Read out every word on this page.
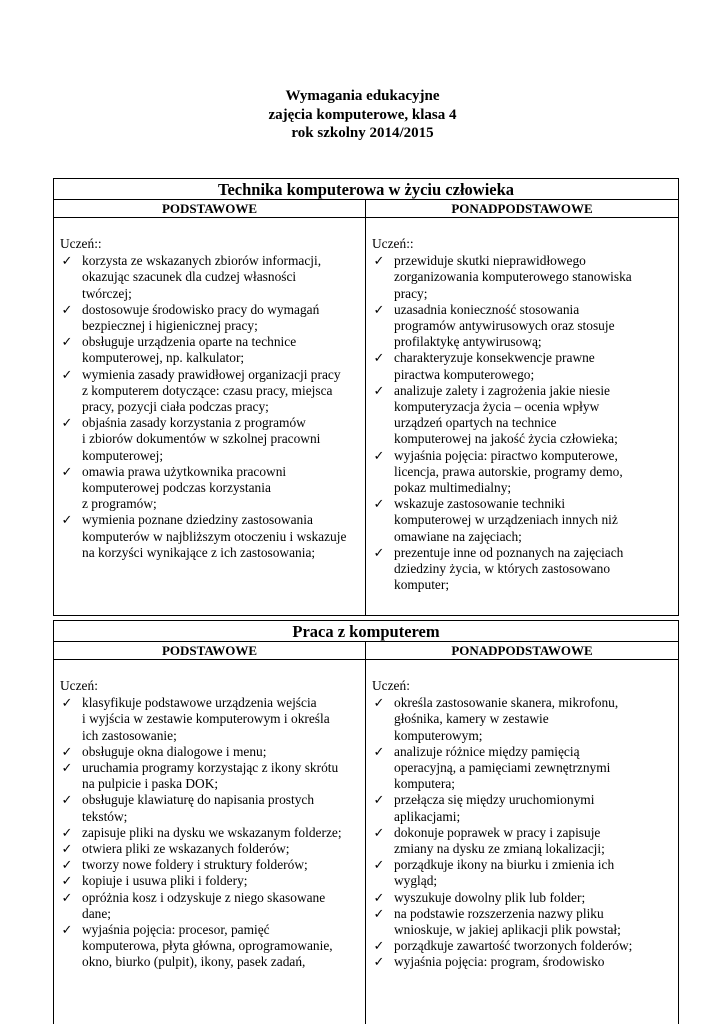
Wymagania edukacyjne
zajęcia komputerowe, klasa 4
rok szkolny 2014/2015
Technika komputerowa w życiu człowieka
PODSTAWOWE	PONADPODSTAWOWE
Uczeń::
✓ korzysta ze wskazanych zbiorów informacji,
okazując szacunek dla cudzej własności
twórczej;
✓ dostosowuje środowisko pracy do wymagań
bezpiecznej i higienicznej pracy;
✓ obsługuje urządzenia oparte na technice
komputerowej, np. kalkulator;
✓ wymienia zasady prawidłowej organizacji pracy
z komputerem dotyczące: czasu pracy, miejsca
pracy, pozycji ciała podczas pracy;
✓ objaśnia zasady korzystania z programów
i zbiorów dokumentów w szkolnej pracowni
komputerowej;
✓ omawia prawa użytkownika pracowni
komputerowej podczas korzystania
z programów;
✓ wymienia poznane dziedziny zastosowania
komputerów w najbliższym otoczeniu i wskazuje
na korzyści wynikające z ich zastosowania;
Uczeń::
✓ przewiduje skutki nieprawidłowego
zorganizowania komputerowego stanowiska
pracy;
✓ uzasadnia konieczność stosowania
programów antywirusowych oraz stosuje
profilaktykę antywirusową;
✓ charakteryzuje konsekwencje prawne
piractwa komputerowego;
✓ analizuje zalety i zagrożenia jakie niesie
komputeryzacja życia – ocenia wpływ
urządzeń opartych na technice
komputerowej na jakość życia człowieka;
✓ wyjaśnia pojęcia: piractwo komputerowe,
licencja, prawa autorskie, programy demo,
pokaz multimedialny;
✓ wskazuje zastosowanie techniki
komputerowej w urządzeniach innych niż
omawiane na zajęciach;
✓ prezentuje inne od poznanych na zajęciach
dziedziny życia, w których zastosowano
komputer;
Praca z komputerem
PODSTAWOWE	PONADPODSTAWOWE
Uczeń:
✓ klasyfikuje podstawowe urządzenia wejścia
i wyjścia w zestawie komputerowym i określa
ich zastosowanie;
✓ obsługuje okna dialogowe i menu;
✓ uruchamia programy korzystając z ikony skrótu
na pulpicie i paska DOK;
✓ obsługuje klawiaturę do napisania prostych
tekstów;
✓ zapisuje pliki na dysku we wskazanym folderze;
✓ otwiera pliki ze wskazanych folderów;
✓ tworzy nowe foldery i struktury folderów;
✓ kopiuje i usuwa pliki i foldery;
✓ opróżnia kosz i odzyskuje z niego skasowane
dane;
✓ wyjaśnia pojęcia: procesor, pamięć
komputerowa, płyta główna, oprogramowanie,
okno, biurko (pulpit), ikony, pasek zadań,
Uczeń:
✓ określa zastosowanie skanera, mikrofonu,
głośnika, kamery w zestawie
komputerowym;
✓ analizuje różnice między pamięcią
operacyjną, a pamięciami zewnętrznymi
komputera;
✓ przełącza się między uruchomionymi
aplikacjami;
✓ dokonuje poprawek w pracy i zapisuje
zmiany na dysku ze zmianą lokalizacji;
✓ porządkuje ikony na biurku i zmienia ich
wygląd;
✓ wyszukuje dowolny plik lub folder;
✓ na podstawie rozszerzenia nazwy pliku
wnioskuje, w jakiej aplikacji plik powstał;
✓ porządkuje zawartość tworzonych folderów;
✓ wyjaśnia pojęcia: program, środowisko
